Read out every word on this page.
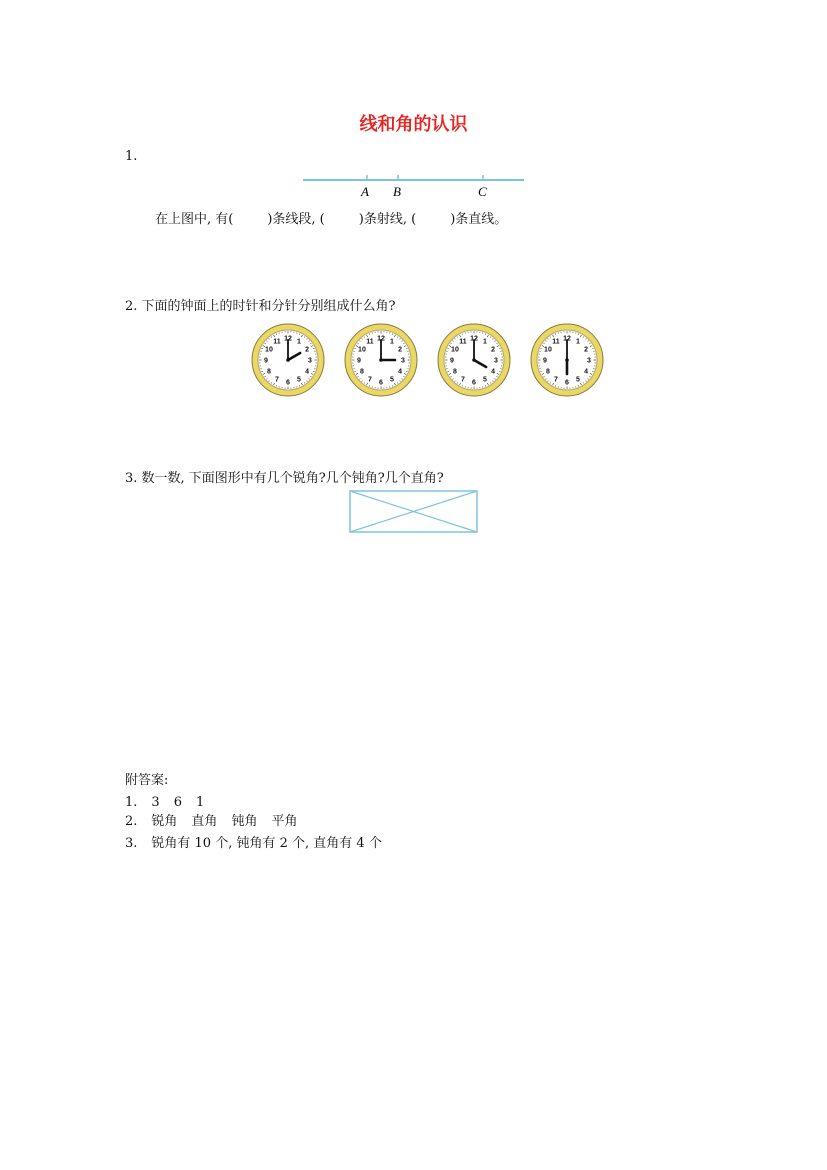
线和角的认识
1.
A B	C
在上图中, 有(	)条线段, (	)条射线, (	)条直线。
2. 下面的钟面上的时针和分针分别组成什么角?
12 1
2
3
4
5
6
7
8
9
10
11	12 1
2
3
4
5
6
7
8
9
10
11	12 1
2
3
4
5
6
7
8
9
10
11	12 1
2
3
4
5
6
7
8
9
10
11
3. 数一数, 下面图形中有几个锐角?几个钝角?几个直角?
附答案:
1. 3 6 1
2. 锐角 直角 钝角 平角
3. 锐角有 10 个, 钝角有 2 个, 直角有 4 个
